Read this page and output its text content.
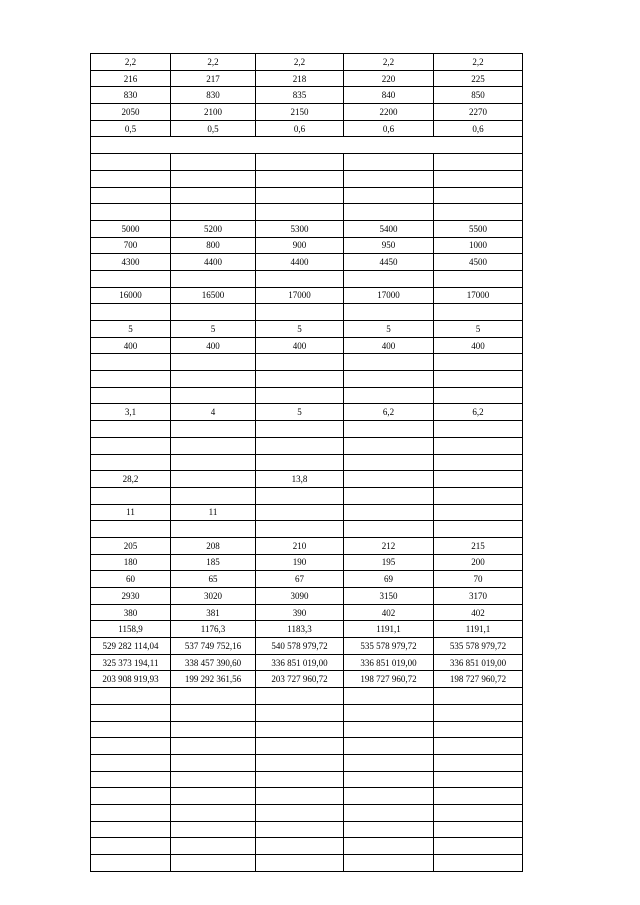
2,2	2,2	2,2	2,2	2,2
216	217	218	220	225
830	830	835	840	850
2050	2100	2150	2200	2270
0,5	0,5	0,6	0,6	0,6

5000	5200	5300	5400	5500
700	800	900	950	1000
4300	4400	4400	4450	4500

16000	16500	17000	17000	17000

5	5	5	5	5
400	400	400	400	400

3,1	4	5	6,2	6,2

28,2		13,8		

11	11			

205	208	210	212	215
180	185	190	195	200
60	65	67	69	70
2930	3020	3090	3150	3170
380	381	390	402	402
1158,9	1176,3	1183,3	1191,1	1191,1
529 282 114,04	537 749 752,16	540 578 979,72	535 578 979,72	535 578 979,72
325 373 194,11	338 457 390,60	336 851 019,00	336 851 019,00	336 851 019,00
203 908 919,93	199 292 361,56	203 727 960,72	198 727 960,72	198 727 960,72
